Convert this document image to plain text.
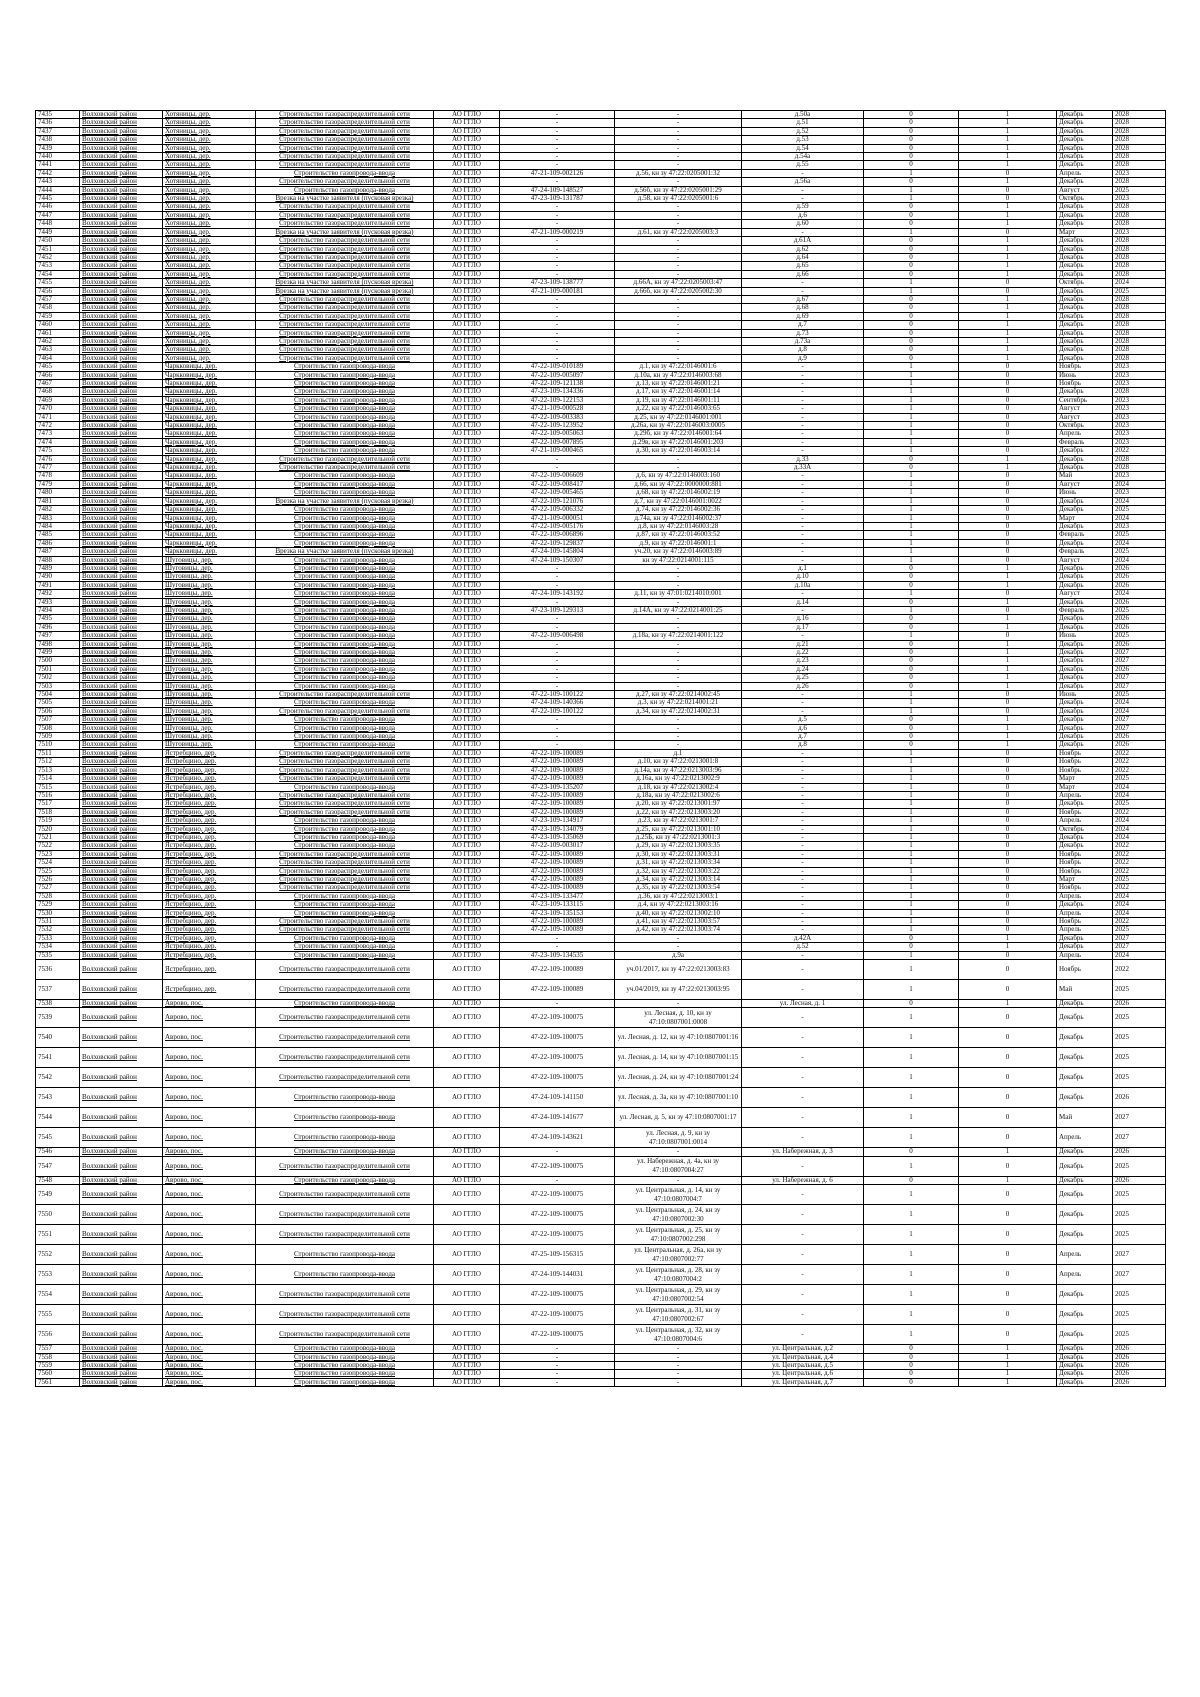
7435	Волховский район	Хотяницы, дер.	Строительство газораспределительной сети	АО ГГЛО	-	-	д.50а	0	1	Декабрь	2028
7436	Волховский район	Хотяницы, дер.	Строительство газораспределительной сети	АО ГГЛО	-	-	д.51	0	1	Декабрь	2028
7437	Волховский район	Хотяницы, дер.	Строительство газораспределительной сети	АО ГГЛО	-	-	д.52	0	1	Декабрь	2028
7438	Волховский район	Хотяницы, дер.	Строительство газораспределительной сети	АО ГГЛО	-	-	д.53	0	1	Декабрь	2028
7439	Волховский район	Хотяницы, дер.	Строительство газораспределительной сети	АО ГГЛО	-	-	д.54	0	1	Декабрь	2028
7440	Волховский район	Хотяницы, дер.	Строительство газораспределительной сети	АО ГГЛО	-	-	д.54а	0	1	Декабрь	2028
7441	Волховский район	Хотяницы, дер.	Строительство газораспределительной сети	АО ГГЛО	-	-	д.55	0	1	Декабрь	2028
7442	Волховский район	Хотяницы, дер.	Строительство газопровода-ввода	АО ГГЛО	47-21-109-002126	д.56, кн зу 47:22:0205001:32	-	1	0	Апрель	2023
7443	Волховский район	Хотяницы, дер.	Строительство газораспределительной сети	АО ГГЛО	-	-	д.56а	0	1	Декабрь	2028
7444	Волховский район	Хотяницы, дер.	Строительство газопровода-ввода	АО ГГЛО	47-24-109-148527	д.56б, кн зу 47:22:0205001:29	-	1	0	Август	2025
7445	Волховский район	Хотяницы, дер.	Врезка на участке заявителя (пусковая врезка)	АО ГГЛО	47-23-109-131787	д.58, кн зу 47:22:0205001:6	-	1	0	Октябрь	2023
7446	Волховский район	Хотяницы, дер.	Строительство газораспределительной сети	АО ГГЛО	-	-	д.59	0	1	Декабрь	2028
7447	Волховский район	Хотяницы, дер.	Строительство газораспределительной сети	АО ГГЛО	-	-	д.6	0	1	Декабрь	2028
7448	Волховский район	Хотяницы, дер.	Строительство газораспределительной сети	АО ГГЛО	-	-	д.60	0	1	Декабрь	2028
7449	Волховский район	Хотяницы, дер.	Врезка на участке заявителя (пусковая врезка)	АО ГГЛО	47-21-109-000219	д.61, кн зу 47:22:0205003:3	-	1	0	Март	2023
7450	Волховский район	Хотяницы, дер.	Строительство газораспределительной сети	АО ГГЛО	-	-	д.61А	0	1	Декабрь	2028
7451	Волховский район	Хотяницы, дер.	Строительство газораспределительной сети	АО ГГЛО	-	-	д.62	0	1	Декабрь	2028
7452	Волховский район	Хотяницы, дер.	Строительство газораспределительной сети	АО ГГЛО	-	-	д.64	0	1	Декабрь	2028
7453	Волховский район	Хотяницы, дер.	Строительство газораспределительной сети	АО ГГЛО	-	-	д.65	0	1	Декабрь	2028
7454	Волховский район	Хотяницы, дер.	Строительство газораспределительной сети	АО ГГЛО	-	-	д.66	0	1	Декабрь	2028
7455	Волховский район	Хотяницы, дер.	Врезка на участке заявителя (пусковая врезка)	АО ГГЛО	47-23-109-138777	д.66А, кн зу 47:22:0205003:47	-	1	0	Октябрь	2024
7456	Волховский район	Хотяницы, дер.	Врезка на участке заявителя (пусковая врезка)	АО ГГЛО	47-21-109-000181	д.66б, кн зу 47:22:0205002:30	-	1	0	Декабрь	2025
7457	Волховский район	Хотяницы, дер.	Строительство газораспределительной сети	АО ГГЛО	-	-	д.67	0	1	Декабрь	2028
7458	Волховский район	Хотяницы, дер.	Строительство газораспределительной сети	АО ГГЛО	-	-	д.68	0	1	Декабрь	2028
7459	Волховский район	Хотяницы, дер.	Строительство газораспределительной сети	АО ГГЛО	-	-	д.69	0	1	Декабрь	2028
7460	Волховский район	Хотяницы, дер.	Строительство газораспределительной сети	АО ГГЛО	-	-	д.7	0	1	Декабрь	2028
7461	Волховский район	Хотяницы, дер.	Строительство газораспределительной сети	АО ГГЛО	-	-	д.73	0	1	Декабрь	2028
7462	Волховский район	Хотяницы, дер.	Строительство газораспределительной сети	АО ГГЛО	-	-	д.73а	0	1	Декабрь	2028
7463	Волховский район	Хотяницы, дер.	Строительство газораспределительной сети	АО ГГЛО	-	-	д.8	0	1	Декабрь	2028
7464	Волховский район	Хотяницы, дер.	Строительство газораспределительной сети	АО ГГЛО	-	-	д.9	0	1	Декабрь	2028
7465	Волховский район	Чаркковицы, дер.	Строительство газопровода-ввода	АО ГГЛО	47-22-109-010189	д.1, кн зу 47:22:0146001:6	-	1	0	Ноябрь	2023
7466	Волховский район	Чаркковицы, дер.	Строительство газопровода-ввода	АО ГГЛО	47-22-109-005097	д.10а, кн зу 47:22:0146003:68	-	1	0	Июнь	2023
7467	Волховский район	Чаркковицы, дер.	Строительство газопровода-ввода	АО ГГЛО	47-22-109-121138	д.13, кн зу 47:22:0146001:21	-	1	0	Ноябрь	2023
7468	Волховский район	Чаркковицы, дер.	Строительство газопровода-ввода	АО ГГЛО	47-23-109-134336	д.17, кн зу 47:22:0146001:14	-	1	0	Декабрь	2028
7469	Волховский район	Чаркковицы, дер.	Строительство газопровода-ввода	АО ГГЛО	47-22-109-122153	д.19, кн зу 47:22:0146001:11	-	1	0	Сентябрь	2023
7470	Волховский район	Чаркковицы, дер.	Строительство газопровода-ввода	АО ГГЛО	47-21-109-000528	д.22, кн зу 47:22:0146003:65	-	1	0	Август	2023
7471	Волховский район	Чаркковицы, дер.	Строительство газопровода-ввода	АО ГГЛО	47-22-109-003383	д.25, кн зу 47:22:0146001:001	-	1	0	Август	2023
7472	Волховский район	Чаркковицы, дер.	Строительство газопровода-ввода	АО ГГЛО	47-22-109-123952	д.26а, кн зу 47:22:0146003:0005	-	1	0	Октябрь	2023
7473	Волховский район	Чаркковицы, дер.	Строительство газопровода-ввода	АО ГГЛО	47-22-109-005063	д.29б, кн зу 47:22:0146001:64	-	1	0	Апрель	2023
7474	Волховский район	Чаркковицы, дер.	Строительство газопровода-ввода	АО ГГЛО	47-22-109-007895	д.29в, кн зу 47:22:0146001:203	-	1	0	Февраль	2023
7475	Волховский район	Чаркковицы, дер.	Строительство газопровода-ввода	АО ГГЛО	47-21-109-000465	д.30, кн зу 47:22:0146003:14	-	1	0	Декабрь	2022
7476	Волховский район	Чаркковицы, дер.	Строительство газораспределительной сети	АО ГГЛО	-	-	д.33	0	1	Декабрь	2028
7477	Волховский район	Чаркковицы, дер.	Строительство газораспределительной сети	АО ГГЛО	-	-	д.33А	0	1	Декабрь	2028
7478	Волховский район	Чаркковицы, дер.	Строительство газопровода-ввода	АО ГГЛО	47-22-109-006609	д.6, кн зу 47:22:0146003:160	-	1	0	Май	2023
7479	Волховский район	Чаркковицы, дер.	Строительство газопровода-ввода	АО ГГЛО	47-22-109-008417	д.66, кн зу 47:22:0000000:881	-	1	0	Август	2024
7480	Волховский район	Чаркковицы, дер.	Строительство газопровода-ввода	АО ГГЛО	47-22-109-005465	д.68, кн зу 47:22:0146002:19	-	1	0	Июнь	2023
7481	Волховский район	Чаркковицы, дер.	Врезка на участке заявителя (пусковая врезка)	АО ГГЛО	47-22-109-121076	д.7, кн зу 47:22:0146001:0022	-	1	0	Декабрь	2024
7482	Волховский район	Чаркковицы, дер.	Строительство газопровода-ввода	АО ГГЛО	47-22-109-006332	д.74, кн зу 47:22:0146002:36	-	1	0	Декабрь	2025
7483	Волховский район	Чаркковицы, дер.	Строительство газопровода-ввода	АО ГГЛО	47-21-109-000051	д.74а, кн зу 47:22:0146002:37	-	1	0	Март	2024
7484	Волховский район	Чаркковицы, дер.	Строительство газопровода-ввода	АО ГГЛО	47-22-109-005176	д.8, кн зу 47:22:0146003:28	-	1	0	Декабрь	2023
7485	Волховский район	Чаркковицы, дер.	Строительство газопровода-ввода	АО ГГЛО	47-22-109-006896	д.87, кн зу 47:22:0146003:52	-	1	0	Февраль	2025
7486	Волховский район	Чаркковицы, дер.	Строительство газопровода-ввода	АО ГГЛО	47-22-109-129837	д.9, кн зу 47:22:0146001:1	-	1	0	Декабрь	2024
7487	Волховский район	Чаркковицы, дер.	Врезка на участке заявителя (пусковая врезка)	АО ГГЛО	47-24-109-145804	уч.20, кн зу 47:22:0146003:89	-	1	0	Февраль	2025
7488	Волховский район	Шуговицы, дер.	Строительство газопровода-ввода	АО ГГЛО	47-24-109-150307	кн зу 47:22:0214001:115	-	1	0	Август	2024
7489	Волховский район	Шуговицы, дер.	Строительство газопровода-ввода	АО ГГЛО	-	-	д.1	0	1	Декабрь	2026
7490	Волховский район	Шуговицы, дер.	Строительство газопровода-ввода	АО ГГЛО	-	-	д.10	0	1	Декабрь	2026
7491	Волховский район	Шуговицы, дер.	Строительство газопровода-ввода	АО ГГЛО	-	-	д.10а	0	1	Декабрь	2026
7492	Волховский район	Шуговицы, дер.	Строительство газопровода-ввода	АО ГГЛО	47-24-109-143192	д.11, кн зу 47:01:0214010:001	-	1	0	Август	2024
7493	Волховский район	Шуговицы, дер.	Строительство газопровода-ввода	АО ГГЛО	-	-	д.14	0	1	Декабрь	2026
7494	Волховский район	Шуговицы, дер.	Строительство газопровода-ввода	АО ГГЛО	47-23-109-129313	д.14А, кн зу 47:22:0214001:25	-	1	0	Февраль	2025
7495	Волховский район	Шуговицы, дер.	Строительство газопровода-ввода	АО ГГЛО	-	-	д.16	0	1	Декабрь	2026
7496	Волховский район	Шуговицы, дер.	Строительство газопровода-ввода	АО ГГЛО	-	-	д.17	0	1	Декабрь	2026
7497	Волховский район	Шуговицы, дер.	Строительство газопровода-ввода	АО ГГЛО	47-22-109-006498	д.18а, кн зу 47:22:0214001:122	-	1	0	Июнь	2025
7498	Волховский район	Шуговицы, дер.	Строительство газопровода-ввода	АО ГГЛО	-	-	д.21	0	1	Декабрь	2026
7499	Волховский район	Шуговицы, дер.	Строительство газопровода-ввода	АО ГГЛО	-	-	д.22	0	1	Декабрь	2027
7500	Волховский район	Шуговицы, дер.	Строительство газопровода-ввода	АО ГГЛО	-	-	д.23	0	1	Декабрь	2027
7501	Волховский район	Шуговицы, дер.	Строительство газопровода-ввода	АО ГГЛО	-	-	д.24	0	1	Декабрь	2026
7502	Волховский район	Шуговицы, дер.	Строительство газопровода-ввода	АО ГГЛО	-	-	д.25	0	1	Декабрь	2027
7503	Волховский район	Шуговицы, дер.	Строительство газопровода-ввода	АО ГГЛО	-	-	д.26	0	1	Декабрь	2027
7504	Волховский район	Шуговицы, дер.	Строительство газораспределительной сети	АО ГГЛО	47-22-109-100122	д.27, кн зу 47:22:0214002:45	-	1	0	Июнь	2025
7505	Волховский район	Шуговицы, дер.	Строительство газопровода-ввода	АО ГГЛО	47-24-109-140366	д.3, кн зу 47:22:0214001:21	-	1	0	Декабрь	2024
7506	Волховский район	Шуговицы, дер.	Строительство газораспределительной сети	АО ГГЛО	47-22-109-100122	д.34, кн зу 47:22:0214002:31	-	1	0	Декабрь	2024
7507	Волховский район	Шуговицы, дер.	Строительство газопровода-ввода	АО ГГЛО	-	-	д.5	0	1	Декабрь	2027
7508	Волховский район	Шуговицы, дер.	Строительство газопровода-ввода	АО ГГЛО	-	-	д.6	0	1	Декабрь	2027
7509	Волховский район	Шуговицы, дер.	Строительство газопровода-ввода	АО ГГЛО	-	-	д.7	0	1	Декабрь	2026
7510	Волховский район	Шуговицы, дер.	Строительство газопровода-ввода	АО ГГЛО	-	-	д.8	0	1	Декабрь	2026
7511	Волховский район	Ястребцино, дер.	Строительство газораспределительной сети	АО ГГЛО	47-22-109-100089	д.1	-	1	0	Ноябрь	2022
7512	Волховский район	Ястребцино, дер.	Строительство газораспределительной сети	АО ГГЛО	47-22-109-100089	д.10, кн зу 47:22:0213001:8	-	1	0	Ноябрь	2022
7513	Волховский район	Ястребцино, дер.	Строительство газораспределительной сети	АО ГГЛО	47-22-109-100089	д.14а, кн зу 47:22:0213003:96	-	1	0	Ноябрь	2022
7514	Волховский район	Ястребцино, дер.	Строительство газораспределительной сети	АО ГГЛО	47-22-109-100089	д.16а, кн зу 47:22:0213002:9	-	1	0	Март	2025
7515	Волховский район	Ястребцино, дер.	Строительство газопровода-ввода	АО ГГЛО	47-23-109-135207	д.18, кн зу 47:22:0213002:4	-	1	0	Март	2024
7516	Волховский район	Ястребцино, дер.	Строительство газораспределительной сети	АО ГГЛО	47-22-109-100089	д.18а, кн зу 47:22:0213002:6	-	1	0	Апрель	2024
7517	Волховский район	Ястребцино, дер.	Строительство газораспределительной сети	АО ГГЛО	47-22-109-100089	д.20, кн зу 47:22:0213001:97	-	1	0	Декабрь	2025
7518	Волховский район	Ястребцино, дер.	Строительство газораспределительной сети	АО ГГЛО	47-22-109-100089	д.22, кн зу 47:22:0213003:20	-	1	0	Ноябрь	2022
7519	Волховский район	Ястребцино, дер.	Строительство газопровода-ввода	АО ГГЛО	47-23-109-134917	д.23, кн зу 47:22:0213001:7	-	1	0	Апрель	2024
7520	Волховский район	Ястребцино, дер.	Строительство газопровода-ввода	АО ГГЛО	47-23-109-134079	д.25, кн зу 47:22:0213001:10	-	1	0	Октябрь	2024
7521	Волховский район	Ястребцино, дер.	Строительство газопровода-ввода	АО ГГЛО	47-23-109-135069	д.25Б, кн зу 47:22:0213001:3	-	1	0	Декабрь	2024
7522	Волховский район	Ястребцино, дер.	Строительство газопровода-ввода	АО ГГЛО	47-22-109-003017	д.29, кн зу 47:22:0213003:35	-	1	0	Декабрь	2022
7523	Волховский район	Ястребцино, дер.	Строительство газораспределительной сети	АО ГГЛО	47-22-109-100089	д.30, кн зу 47:22:0213003:31	-	1	0	Ноябрь	2022
7524	Волховский район	Ястребцино, дер.	Строительство газораспределительной сети	АО ГГЛО	47-22-109-100089	д.31, кн зу 47:22:0213003:34	-	1	0	Ноябрь	2022
7525	Волховский район	Ястребцино, дер.	Строительство газораспределительной сети	АО ГГЛО	47-22-109-100089	д.32, кн зу 47:22:0213003:22	-	1	0	Ноябрь	2022
7526	Волховский район	Ястребцино, дер.	Строительство газораспределительной сети	АО ГГЛО	47-22-109-100089	д.34, кн зу 47:22:0213003:14	-	1	0	Март	2025
7527	Волховский район	Ястребцино, дер.	Строительство газораспределительной сети	АО ГГЛО	47-22-109-100089	д.35, кн зу 47:22:0213003:54	-	1	0	Ноябрь	2022
7528	Волховский район	Ястребцино, дер.	Строительство газопровода-ввода	АО ГГЛО	47-23-109-133477	д.36, кн зу 47:22:0213003:1	-	1	0	Апрель	2024
7529	Волховский район	Ястребцино, дер.	Строительство газопровода-ввода	АО ГГЛО	47-23-109-133115	д.4, кн зу 47:22:0213003:16	-	1	0	Декабрь	2024
7530	Волховский район	Ястребцино, дер.	Строительство газопровода-ввода	АО ГГЛО	47-23-109-135153	д.40, кн зу 47:22:0213002:10	-	1	0	Апрель	2024
7531	Волховский район	Ястребцино, дер.	Строительство газораспределительной сети	АО ГГЛО	47-22-109-100089	д.41, кн зу 47:22:0213003:57	-	1	0	Ноябрь	2022
7532	Волховский район	Ястребцино, дер.	Строительство газораспределительной сети	АО ГГЛО	47-22-109-100089	д.42, кн зу 47:22:0213003:74	-	1	0	Апрель	2025
7533	Волховский район	Ястребцино, дер.	Строительство газопровода-ввода	АО ГГЛО	-	-	д.42А	0	1	Декабрь	2027
7534	Волховский район	Ястребцино, дер.	Строительство газопровода-ввода	АО ГГЛО	-	-	д.52	0	1	Декабрь	2027
7535	Волховский район	Ястребцино, дер.	Строительство газопровода-ввода	АО ГГЛО	47-23-109-134535	д.9а	-	1	0	Апрель	2024
7536	Волховский район	Ястребцино, дер.	Строительство газораспределительной сети	АО ГГЛО	47-22-109-100089	уч.01/2017, кн зу 47:22:0213003:83	-	1	0	Ноябрь	2022
7537	Волховский район	Ястребцино, дер.	Строительство газораспределительной сети	АО ГГЛО	47-22-109-100089	уч.04/2019, кн зу 47:22:0213003:95	-	1	0	Май	2025
7538	Волховский район	Аврово, пос.	Строительство газопровода-ввода	АО ГГЛО	-	-	ул. Лесная, д. 1	0	1	Декабрь	2026
7539	Волховский район	Аврово, пос.	Строительство газораспределительной сети	АО ГГЛО	47-22-109-100075	ул. Лесная, д. 10, кн зу 47:10:0807001:0008	-	1	0	Декабрь	2025
7540	Волховский район	Аврово, пос.	Строительство газораспределительной сети	АО ГГЛО	47-22-109-100075	ул. Лесная, д. 12, кн зу 47:10:0807001:16	-	1	0	Декабрь	2025
7541	Волховский район	Аврово, пос.	Строительство газораспределительной сети	АО ГГЛО	47-22-109-100075	ул. Лесная, д. 14, кн зу 47:10:0807001:15	-	1	0	Декабрь	2025
7542	Волховский район	Аврово, пос.	Строительство газораспределительной сети	АО ГГЛО	47-22-109-100075	ул. Лесная, д. 24, кн зу 47:10:0807001:24	-	1	0	Декабрь	2025
7543	Волховский район	Аврово, пос.	Строительство газопровода-ввода	АО ГГЛО	47-24-109-141150	ул. Лесная, д. 3а, кн зу 47:10:0807001:10	-	1	0	Декабрь	2026
7544	Волховский район	Аврово, пос.	Строительство газопровода-ввода	АО ГГЛО	47-24-109-141677	ул. Лесная, д. 5, кн зу 47:10:0807001:17	-	1	0	Май	2027
7545	Волховский район	Аврово, пос.	Строительство газопровода-ввода	АО ГГЛО	47-24-109-143621	ул. Лесная, д. 9, кн зу 47:10:0807001:0014	-	1	0	Апрель	2027
7546	Волховский район	Аврово, пос.	Строительство газопровода-ввода	АО ГГЛО	-	-	ул. Набережная, д. 3	0	1	Декабрь	2026
7547	Волховский район	Аврово, пос.	Строительство газораспределительной сети	АО ГГЛО	47-22-109-100075	ул. Набережная, д. 4а, кн зу 47:10:0807004:27	-	1	0	Декабрь	2025
7548	Волховский район	Аврово, пос.	Строительство газопровода-ввода	АО ГГЛО	-	-	ул. Набережная, д. 6	0	1	Декабрь	2026
7549	Волховский район	Аврово, пос.	Строительство газораспределительной сети	АО ГГЛО	47-22-109-100075	ул. Центральная, д. 14, кн зу 47:10:0807004:7	-	1	0	Декабрь	2025
7550	Волховский район	Аврово, пос.	Строительство газораспределительной сети	АО ГГЛО	47-22-109-100075	ул. Центральная, д. 24, кн зу 47:10:0807002:30	-	1	0	Декабрь	2025
7551	Волховский район	Аврово, пос.	Строительство газораспределительной сети	АО ГГЛО	47-22-109-100075	ул. Центральная, д. 25, кн зу 47:10:0807002:298	-	1	0	Декабрь	2025
7552	Волховский район	Аврово, пос.	Строительство газопровода-ввода	АО ГГЛО	47-25-109-156315	ул. Центральная, д. 26а, кн зу 47:10:0807002:77	-	1	0	Апрель	2027
7553	Волховский район	Аврово, пос.	Строительство газопровода-ввода	АО ГГЛО	47-24-109-144031	ул. Центральная, д. 28, кн зу 47:10:0807004:2	-	1	0	Апрель	2027
7554	Волховский район	Аврово, пос.	Строительство газораспределительной сети	АО ГГЛО	47-22-109-100075	ул. Центральная, д. 29, кн зу 47:10:0807002:54	-	1	0	Декабрь	2025
7555	Волховский район	Аврово, пос.	Строительство газораспределительной сети	АО ГГЛО	47-22-109-100075	ул. Центральная, д. 31, кн зу 47:10:0807002:67	-	1	0	Декабрь	2025
7556	Волховский район	Аврово, пос.	Строительство газораспределительной сети	АО ГГЛО	47-22-109-100075	ул. Центральная, д. 32, кн зу 47:10:0807004:6	-	1	0	Декабрь	2025
7557	Волховский район	Аврово, пос.	Строительство газопровода-ввода	АО ГГЛО	-	-	ул. Центральная, д.2	0	1	Декабрь	2026
7558	Волховский район	Аврово, пос.	Строительство газопровода-ввода	АО ГГЛО	-	-	ул. Центральная, д.4	0	1	Декабрь	2026
7559	Волховский район	Аврово, пос.	Строительство газопровода-ввода	АО ГГЛО	-	-	ул. Центральная, д.5	0	1	Декабрь	2026
7560	Волховский район	Аврово, пос.	Строительство газопровода-ввода	АО ГГЛО	-	-	ул. Центральная, д.6	0	1	Декабрь	2026
7561	Волховский район	Аврово, пос.	Строительство газопровода-ввода	АО ГГЛО	-	-	ул. Центральная, д.7	0	1	Декабрь	2026
